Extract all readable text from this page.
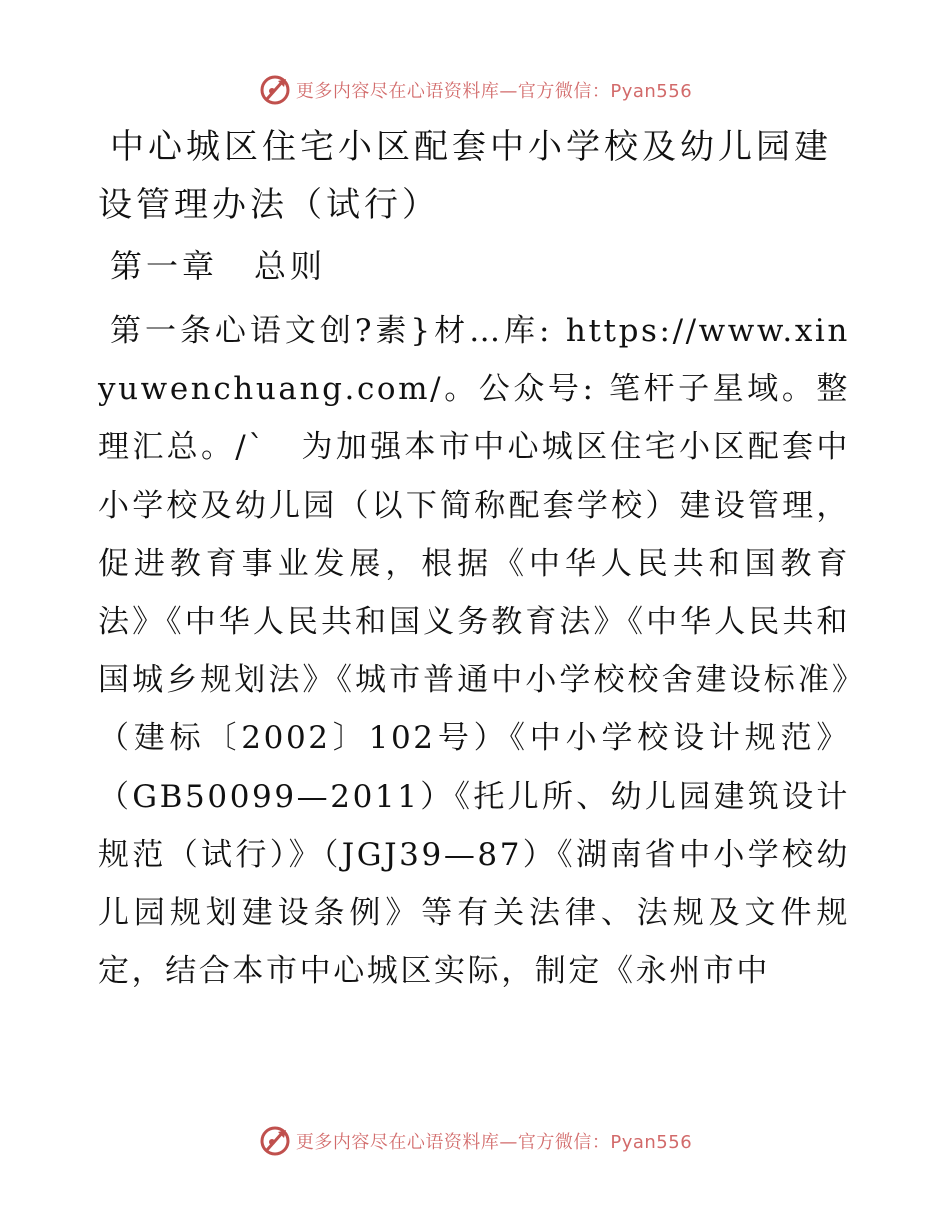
更多内容尽在心语资料库—官方微信：Pyan556
中心城区住宅小区配套中小学校及幼儿园建设管理办法（试行）
第一章　总则

第一条心语文创?素}材…库: https://www.xinyuwenchuang.com/。公众号: 笔杆子星域。整理汇总。/`　为加强本市中心城区住宅小区配套中小学校及幼儿园（以下简称配套学校）建设管理，促进教育事业发展，根据《中华人民共和国教育法》《中华人民共和国义务教育法》《中华人民共和国城乡规划法》《城市普通中小学校校舍建设标准》（建标〔2002〕102号）《中小学校设计规范》（GB50099—2011）《托儿所、幼儿园建筑设计规范（试行）》（JGJ39—87）《湖南省中小学校幼儿园规划建设条例》等有关法律、法规及文件规定，结合本市中心城区实际，制定《永州市中

更多内容尽在心语资料库—官方微信：Pyan556
